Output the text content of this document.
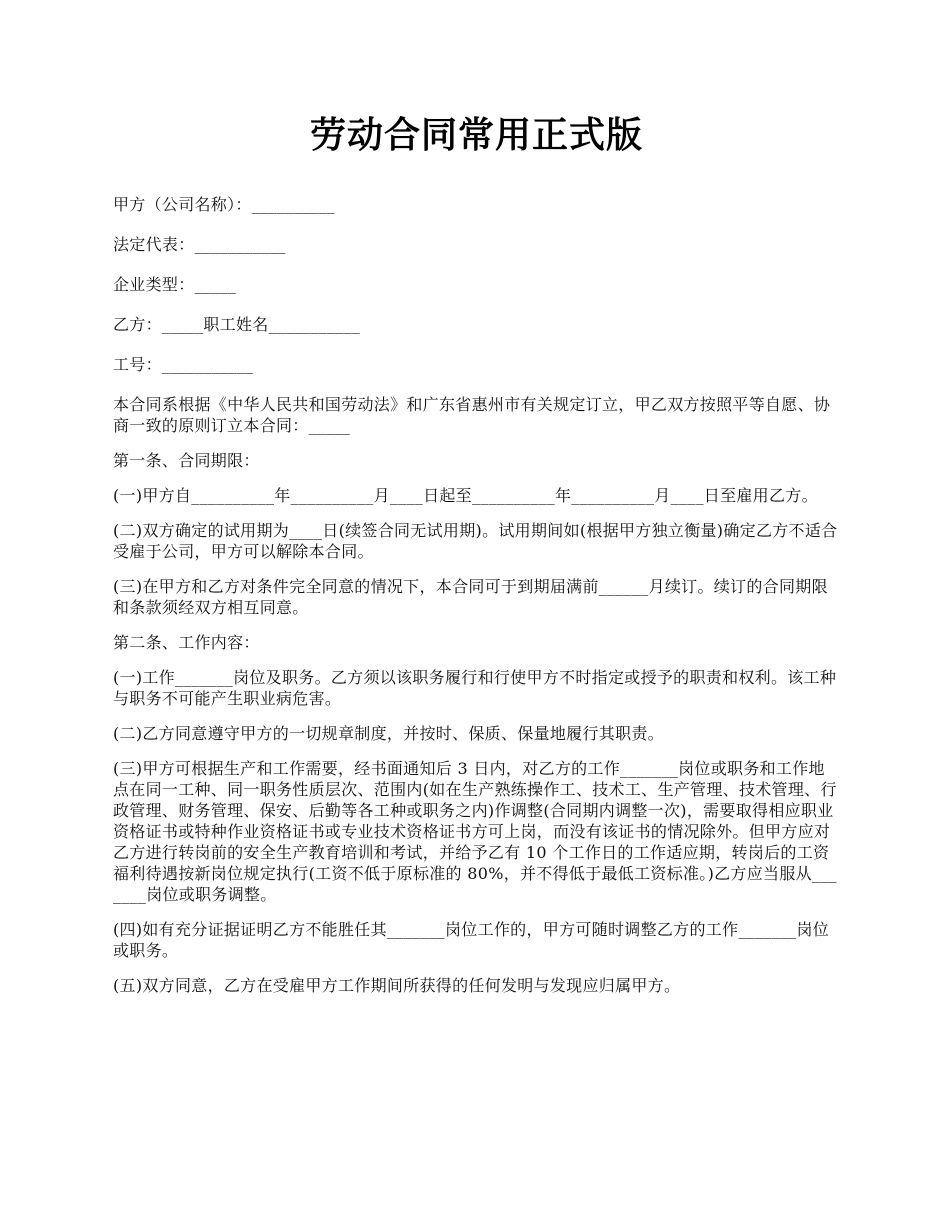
劳动合同常用正式版

甲方（公司名称）：__________

法定代表：___________

企业类型：_____

乙方：_____职工姓名___________

工号：___________

本合同系根据《中华人民共和国劳动法》和广东省惠州市有关规定订立，甲乙双方按照平等自愿、协商一致的原则订立本合同：_____

第一条、合同期限：

(一)甲方自__________年__________月____日起至__________年__________月____日至雇用乙方。

(二)双方确定的试用期为____日(续签合同无试用期)。试用期间如(根据甲方独立衡量)确定乙方不适合受雇于公司，甲方可以解除本合同。

(三)在甲方和乙方对条件完全同意的情况下，本合同可于到期届满前______月续订。续订的合同期限和条款须经双方相互同意。

第二条、工作内容：

(一)工作_______岗位及职务。乙方须以该职务履行和行使甲方不时指定或授予的职责和权利。该工种与职务不可能产生职业病危害。

(二)乙方同意遵守甲方的一切规章制度，并按时、保质、保量地履行其职责。

(三)甲方可根据生产和工作需要，经书面通知后 3 日内，对乙方的工作_______岗位或职务和工作地点在同一工种、同一职务性质层次、范围内(如在生产熟练操作工、技术工、生产管理、技术管理、行政管理、财务管理、保安、后勤等各工种或职务之内)作调整(合同期内调整一次)，需要取得相应职业资格证书或特种作业资格证书或专业技术资格证书方可上岗，而没有该证书的情况除外。但甲方应对乙方进行转岗前的安全生产教育培训和考试，并给予乙有 10 个工作日的工作适应期，转岗后的工资福利待遇按新岗位规定执行(工资不低于原标准的 80%，并不得低于最低工资标准。)乙方应当服从_______岗位或职务调整。

(四)如有充分证据证明乙方不能胜任其_______岗位工作的，甲方可随时调整乙方的工作_______岗位或职务。

(五)双方同意，乙方在受雇甲方工作期间所获得的任何发明与发现应归属甲方。
